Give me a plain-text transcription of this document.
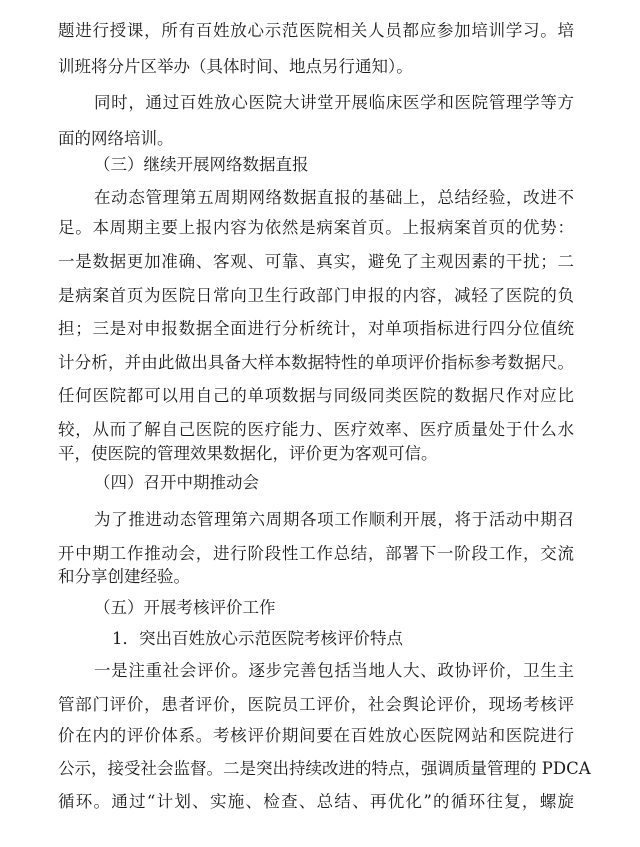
题进行授课，所有百姓放心示范医院相关人员都应参加培训学习。培
训班将分片区举办（具体时间、地点另行通知）。
同时，通过百姓放心医院大讲堂开展临床医学和医院管理学等方
面的网络培训。
（三）继续开展网络数据直报
在动态管理第五周期网络数据直报的基础上，总结经验，改进不
足。本周期主要上报内容为依然是病案首页。上报病案首页的优势：
一是数据更加准确、客观、可靠、真实，避免了主观因素的干扰；二
是病案首页为医院日常向卫生行政部门申报的内容，减轻了医院的负
担；三是对申报数据全面进行分析统计，对单项指标进行四分位值统
计分析，并由此做出具备大样本数据特性的单项评价指标参考数据尺。
任何医院都可以用自己的单项数据与同级同类医院的数据尺作对应比
较，从而了解自己医院的医疗能力、医疗效率、医疗质量处于什么水
平，使医院的管理效果数据化，评价更为客观可信。
（四）召开中期推动会
为了推进动态管理第六周期各项工作顺利开展，将于活动中期召
开中期工作推动会，进行阶段性工作总结，部署下一阶段工作，交流
和分享创建经验。
（五）开展考核评价工作
1．突出百姓放心示范医院考核评价特点
一是注重社会评价。逐步完善包括当地人大、政协评价，卫生主
管部门评价，患者评价，医院员工评价，社会舆论评价，现场考核评
价在内的评价体系。考核评价期间要在百姓放心医院网站和医院进行
公示，接受社会监督。二是突出持续改进的特点，强调质量管理的 PDCA
循环。通过“计划、实施、检查、总结、再优化”的循环往复，螺旋
